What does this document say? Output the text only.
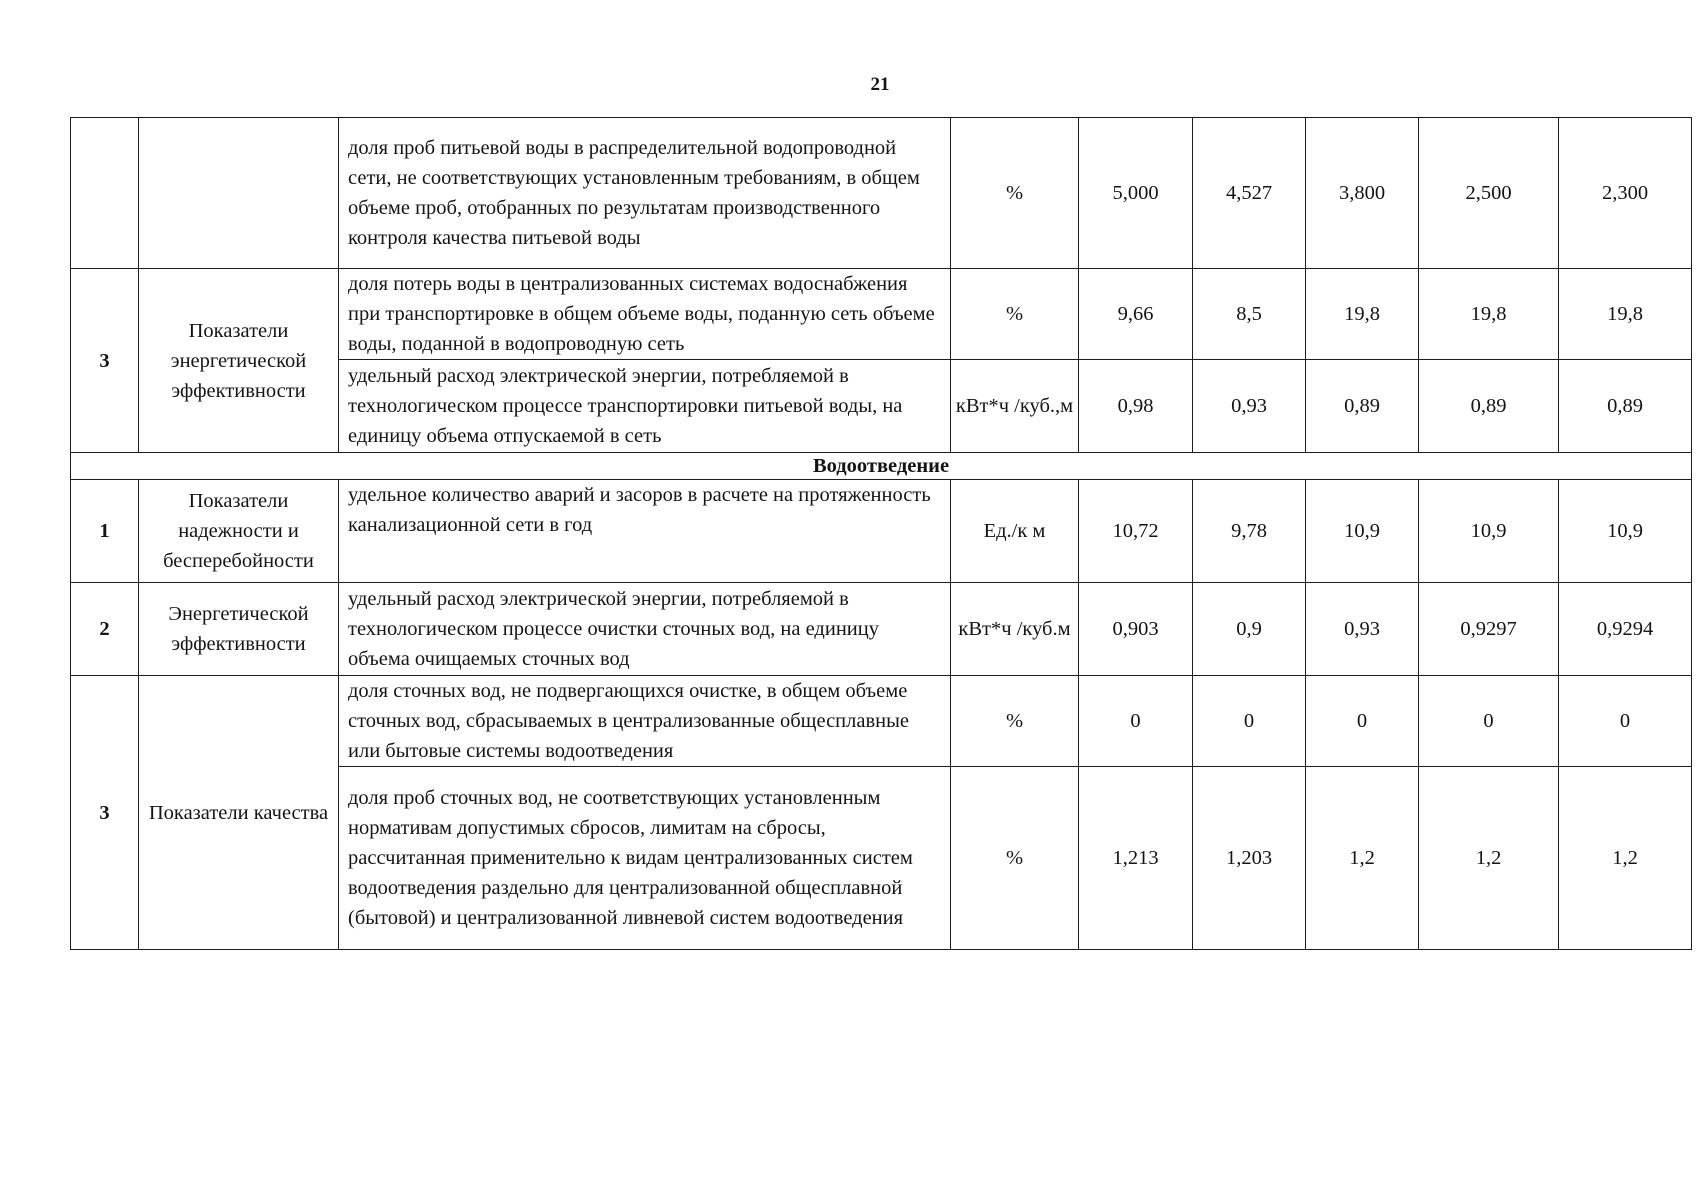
21
		доля проб питьевой воды в распределительной водопроводной сети, не соответствующих установленным требованиям, в общем объеме проб, отобранных по результатам производственного контроля качества питьевой воды	%	5,000	4,527	3,800	2,500	2,300
3	Показатели энергетической эффективности	доля потерь воды в централизованных системах водоснабжения при транспортировке в общем объеме воды, поданную сеть объеме воды, поданной в водопроводную сеть	%	9,66	8,5	19,8	19,8	19,8
		удельный расход электрической энергии, потребляемой в технологическом процессе транспортировки питьевой воды, на единицу объема отпускаемой в сеть	кВт*ч /куб.,м	0,98	0,93	0,89	0,89	0,89
Водоотведение								
1	Показатели надежности и бесперебойности	удельное количество аварий и засоров в расчете на протяженность канализационной сети в год	Ед./к м	10,72	9,78	10,9	10,9	10,9
2	Энергетической эффективности	удельный расход электрической энергии, потребляемой в технологическом процессе очистки сточных вод, на единицу объема очищаемых сточных вод	кВт*ч /куб.м	0,903	0,9	0,93	0,9297	0,9294
3	Показатели качества	доля сточных вод, не подвергающихся очистке, в общем объеме сточных вод, сбрасываемых в централизованные общесплавные или бытовые системы водоотведения	%	0	0	0	0	0
		доля проб сточных вод, не соответствующих установленным нормативам допустимых сбросов, лимитам на сбросы, рассчитанная применительно к видам централизованных систем водоотведения раздельно для централизованной общесплавной (бытовой) и централизованной ливневой систем водоотведения	%	1,213	1,203	1,2	1,2	1,2
